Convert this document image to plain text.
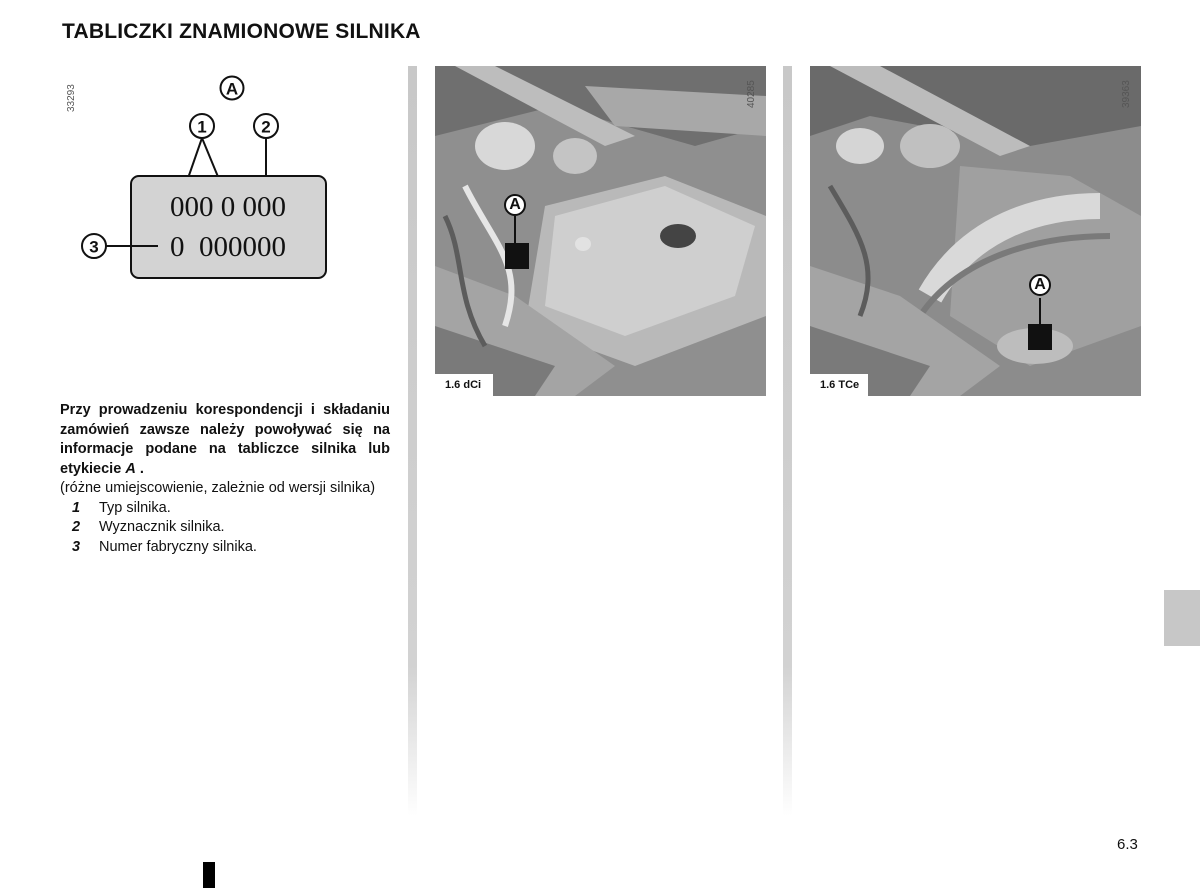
TABLICZKI ZNAMIONOWE SILNIKA
33293	A
1	2
000 0 000
0  000000
3
Przy prowadzeniu korespondencji i składaniu zamówień zawsze należy powoływać się na informacje podane na tabliczce silnika lub etykiecie A .
(różne umiejscowienie, zależnie od wersji silnika)
1	Typ silnika.
2	Wyznacznik silnika.
3	Numer fabryczny silnika.
A
1.6 dCi
40285
A
1.6 TCe
39363
6.3
